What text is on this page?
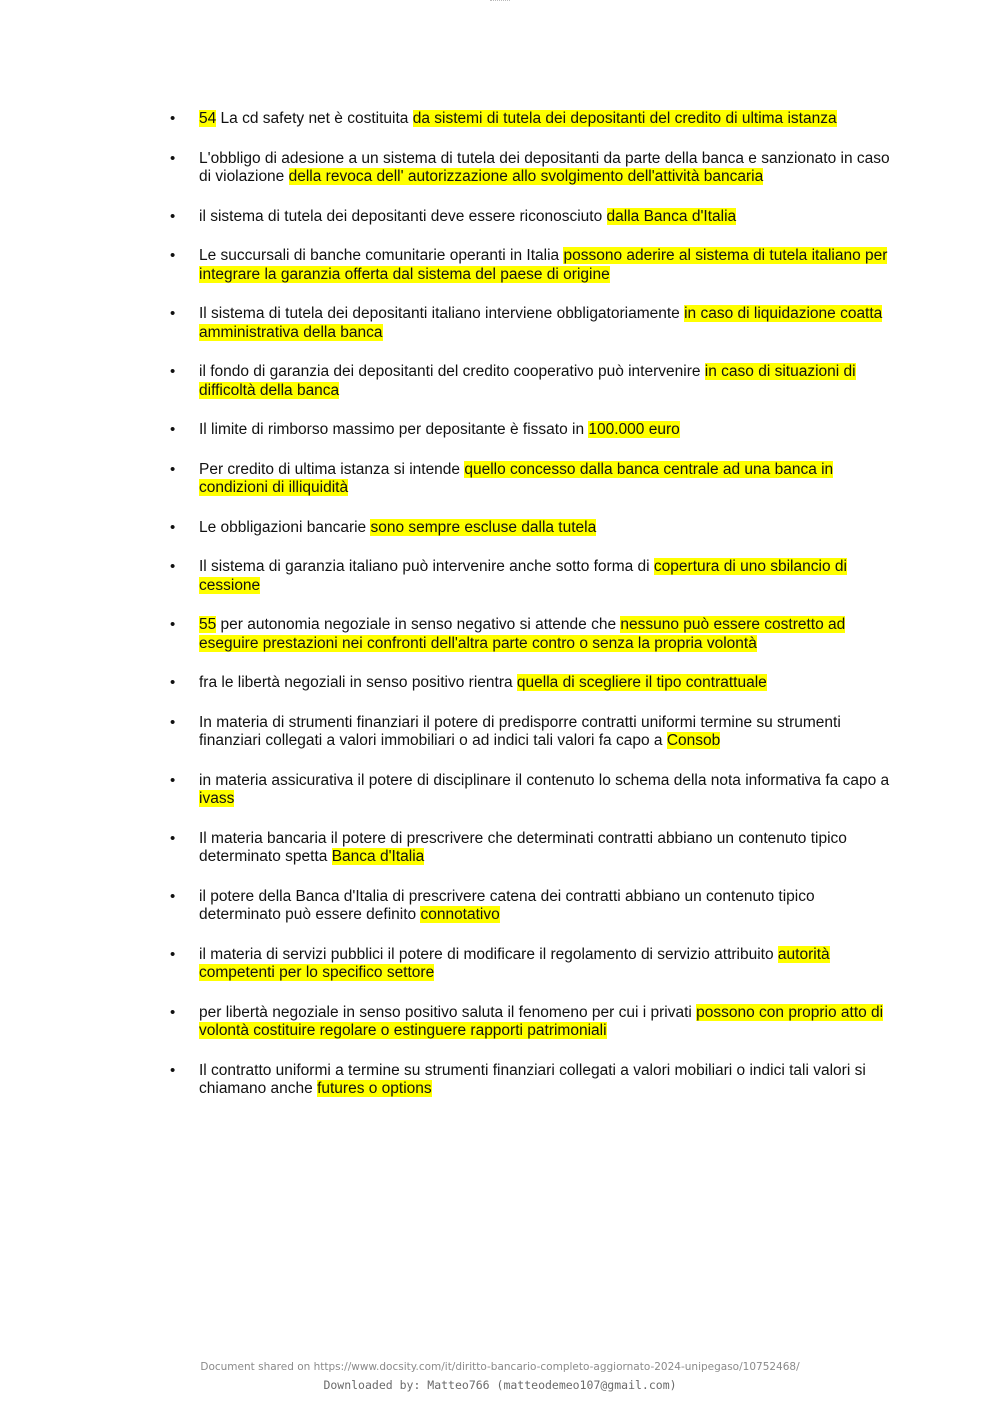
•	54 La cd safety net è costituita da sistemi di tutela dei depositanti del credito di ultima istanza
•	L'obbligo di adesione a un sistema di tutela dei depositanti da parte della banca e sanzionato in caso di violazione della revoca dell' autorizzazione allo svolgimento dell'attività bancaria
•	il sistema di tutela dei depositanti deve essere riconosciuto dalla Banca d'Italia
•	Le succursali di banche comunitarie operanti in Italia possono aderire al sistema di tutela italiano per integrare la garanzia offerta dal sistema del paese di origine
•	Il sistema di tutela dei depositanti italiano interviene obbligatoriamente in caso di liquidazione coatta amministrativa della banca
•	il fondo di garanzia dei depositanti del credito cooperativo può intervenire in caso di situazioni di difficoltà della banca
•	Il limite di rimborso massimo per depositante è fissato in 100.000 euro
•	Per credito di ultima istanza si intende quello concesso dalla banca centrale ad una banca in condizioni di illiquidità
•	Le obbligazioni bancarie sono sempre escluse dalla tutela
•	Il sistema di garanzia italiano può intervenire anche sotto forma di copertura di uno sbilancio di cessione
•	55 per autonomia negoziale in senso negativo si attende che nessuno può essere costretto ad eseguire prestazioni nei confronti dell'altra parte contro o senza la propria volontà
•	fra le libertà negoziali in senso positivo rientra quella di scegliere il tipo contrattuale
•	In materia di strumenti finanziari il potere di predisporre contratti uniformi termine su strumenti finanziari collegati a valori immobiliari o ad indici tali valori fa capo a Consob
•	in materia assicurativa il potere di disciplinare il contenuto lo schema della nota informativa fa capo a ivass
•	Il materia bancaria il potere di prescrivere che determinati contratti abbiano un contenuto tipico determinato spetta Banca d'Italia
•	il potere della Banca d'Italia di prescrivere catena dei contratti abbiano un contenuto tipico determinato può essere definito connotativo
•	il materia di servizi pubblici il potere di modificare il regolamento di servizio attribuito autorità competenti per lo specifico settore
•	per libertà negoziale in senso positivo saluta il fenomeno per cui i privati possono con proprio atto di volontà costituire regolare o estinguere rapporti patrimoniali
•	Il contratto uniformi a termine su strumenti finanziari collegati a valori mobiliari o indici tali valori si chiamano anche futures o options
Document shared on https://www.docsity.com/it/diritto-bancario-completo-aggiornato-2024-unipegaso/10752468/
Downloaded by: Matteo766 (matteodemeo107@gmail.com)
